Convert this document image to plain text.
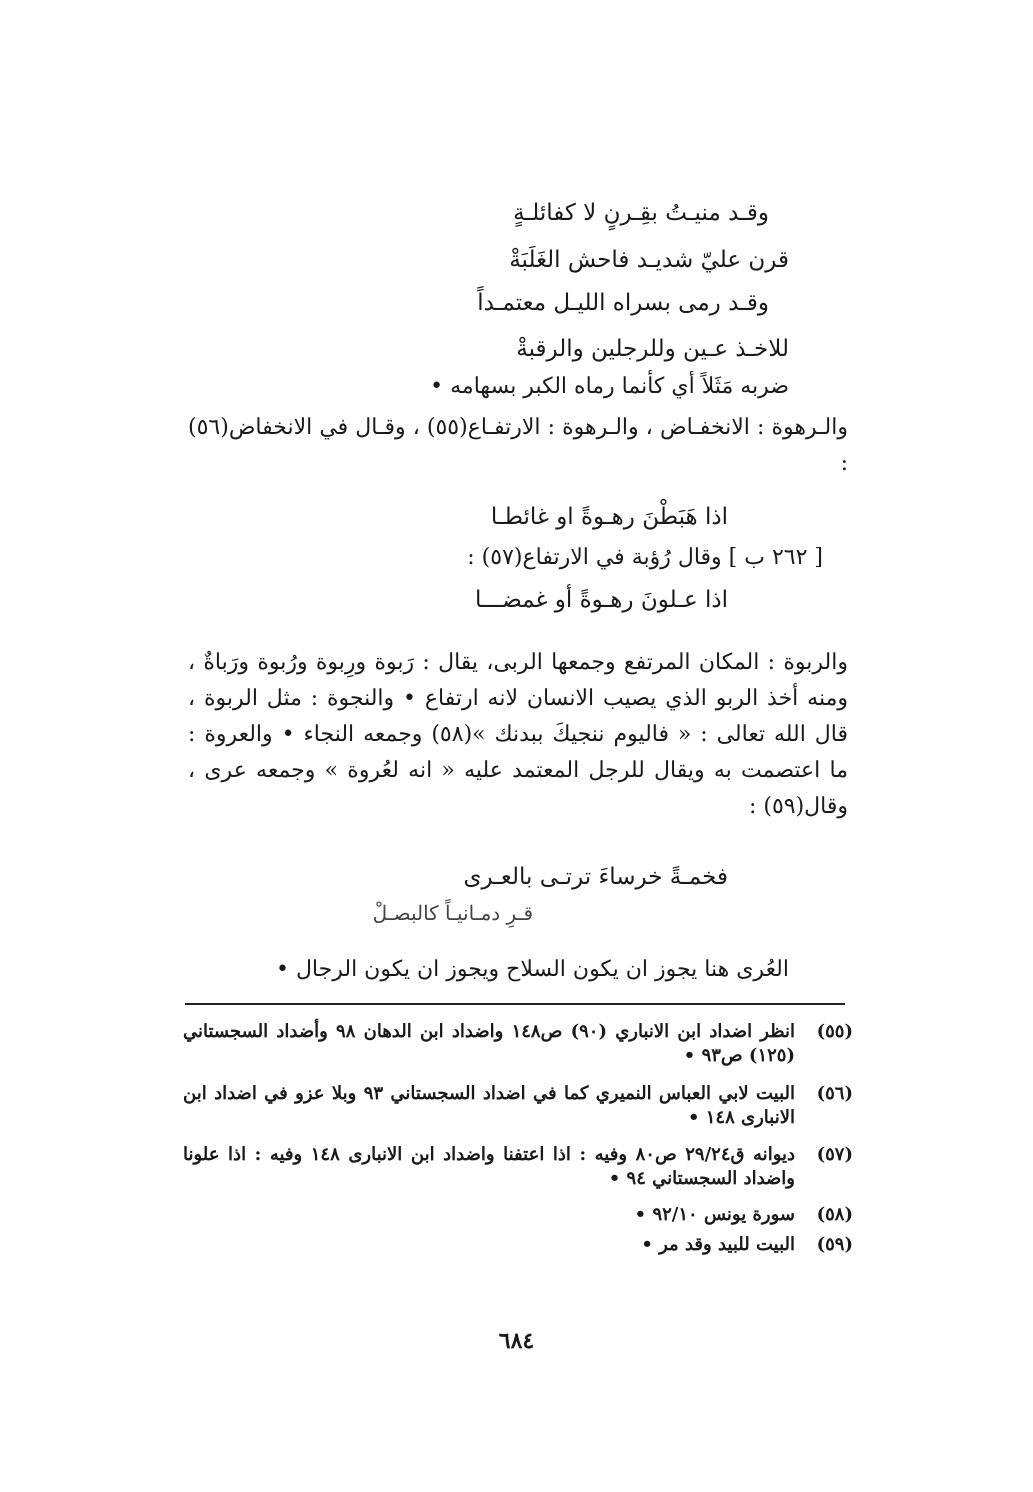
وقـد منيـتُ بقِـرنٍ لا كفائلـةٍ
قرن عليّ شديـد فاحش الغَلَبَةْ
وقـد رمى بسراه الليـل معتمـداً
للاخـذ عـين وللرجلين والرقبةْ
ضربه مَثَلاً أي كأنما رماه الكبر بسهامه •

والـرهوة : الانخفـاض ، والـرهوة : الارتفـاع(٥٥) ، وقـال في الانخفاض(٥٦) :

اذا هَبَطْنَ رهـوةً او غائطـا
[ ٢٦٢ ب ] وقال رُؤبة في الارتفاع(٥٧) :
اذا عـلونَ رهـوةً أو غمضـــا

والربوة : المكان المرتفع وجمعها الربى، يقال : رَبوة ورِبوة ورُبوة ورَباةٌ ، ومنه أخذ الربو الذي يصيب الانسان لانه ارتفاع • والنجوة : مثل الربوة ، قال الله تعالى : « فاليوم ننجيكَ ببدنك »(٥٨) وجمعه النجاء • والعروة : ما اعتصمت به ويقال للرجل المعتمد عليه « انه لعُروة » وجمعه عرى ، وقال(٥٩) :

فخمـةً خرساءَ ترتـى بالعـرى
قـرِ دمـانيـاً كالبصـلْ
العُرى هنا يجوز ان يكون السلاح ويجوز ان يكون الرجال •
(٥٥)
انظر اضداد ابن الانباري (٩٠) ص١٤٨ واضداد ابن الدهان ٩٨ وأضداد السجستاني (١٢٥) ص٩٣ •
(٥٦)
البيت لابي العباس النميري كما في اضداد السجستاني ٩٣ وبلا عزو في اضداد ابن الانبارى ١٤٨ •
(٥٧)
ديوانه ق٢٩/٢٤ ص٨٠ وفيه : اذا اعتفنا واضداد ابن الانبارى ١٤٨ وفيه : اذا علونا واضداد السجستاني ٩٤ •
(٥٨)
سورة يونس ٩٢/١٠ •
(٥٩)
البيت للبيد وقد مر •
٦٨٤
